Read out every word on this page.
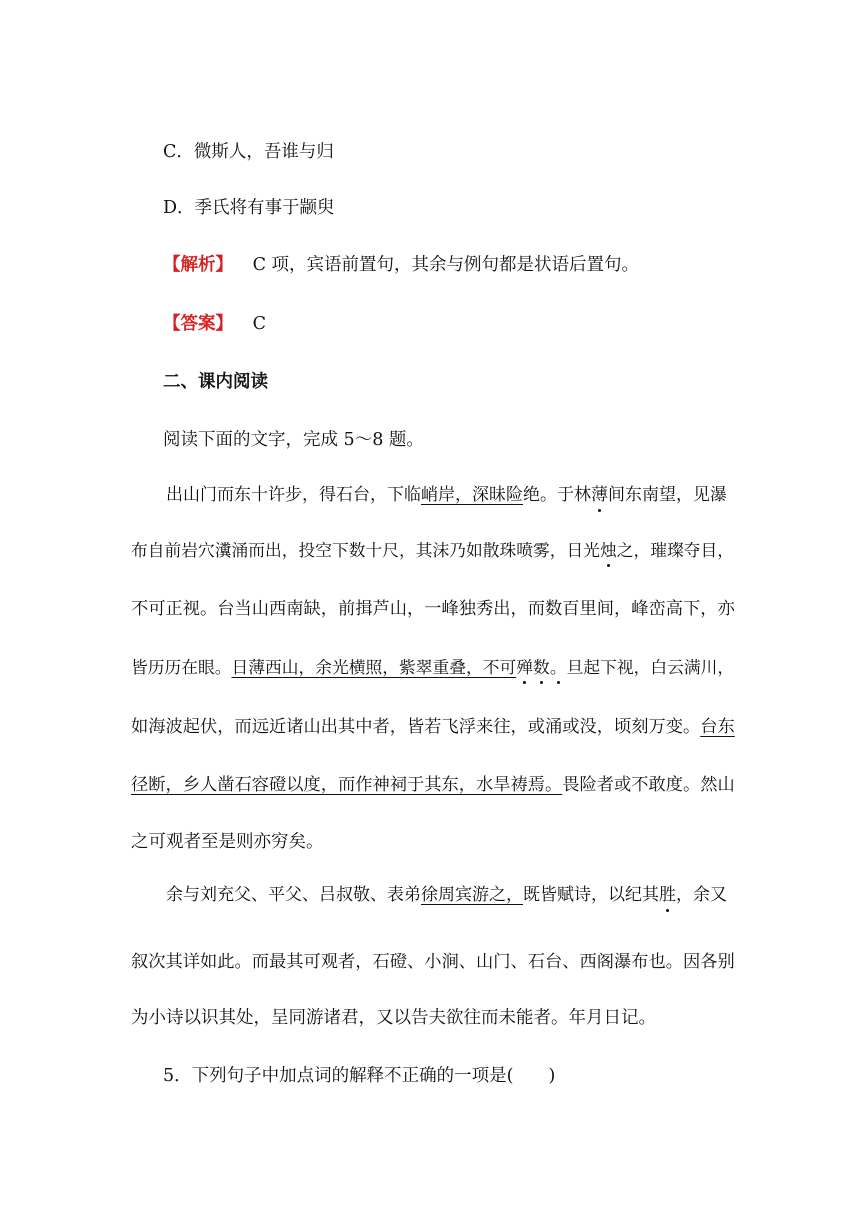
C．微斯人，吾谁与归
D．季氏将有事于颛臾
【解析】 C 项，宾语前置句，其余与例句都是状语后置句。
【答案】 C
二、课内阅读
阅读下面的文字，完成 5～8 题。
出山门而东十许步，得石台，下临峭岸，深昧险绝。于林薄间东南望，见瀑
布自前岩穴瀵涌而出，投空下数十尺，其沫乃如散珠喷雾，日光烛之，璀璨夺目，
不可正视。台当山西南缺，前揖芦山，一峰独秀出，而数百里间，峰峦高下，亦
皆历历在眼。日薄西山，余光横照，紫翠重叠，不可殚数。旦起下视，白云满川，
如海波起伏，而远近诸山出其中者，皆若飞浮来往，或涌或没，顷刻万变。台东
径断，乡人凿石容磴以度，而作神祠于其东，水旱祷焉。畏险者或不敢度。然山
之可观者至是则亦穷矣。
余与刘充父、平父、吕叔敬、表弟徐周宾游之，既皆赋诗，以纪其胜，余又
叙次其详如此。而最其可观者，石磴、小涧、山门、石台、西阁瀑布也。因各别
为小诗以识其处，呈同游诸君，又以告夫欲往而未能者。年月日记。
5．下列句子中加点词的解释不正确的一项是(　　)
